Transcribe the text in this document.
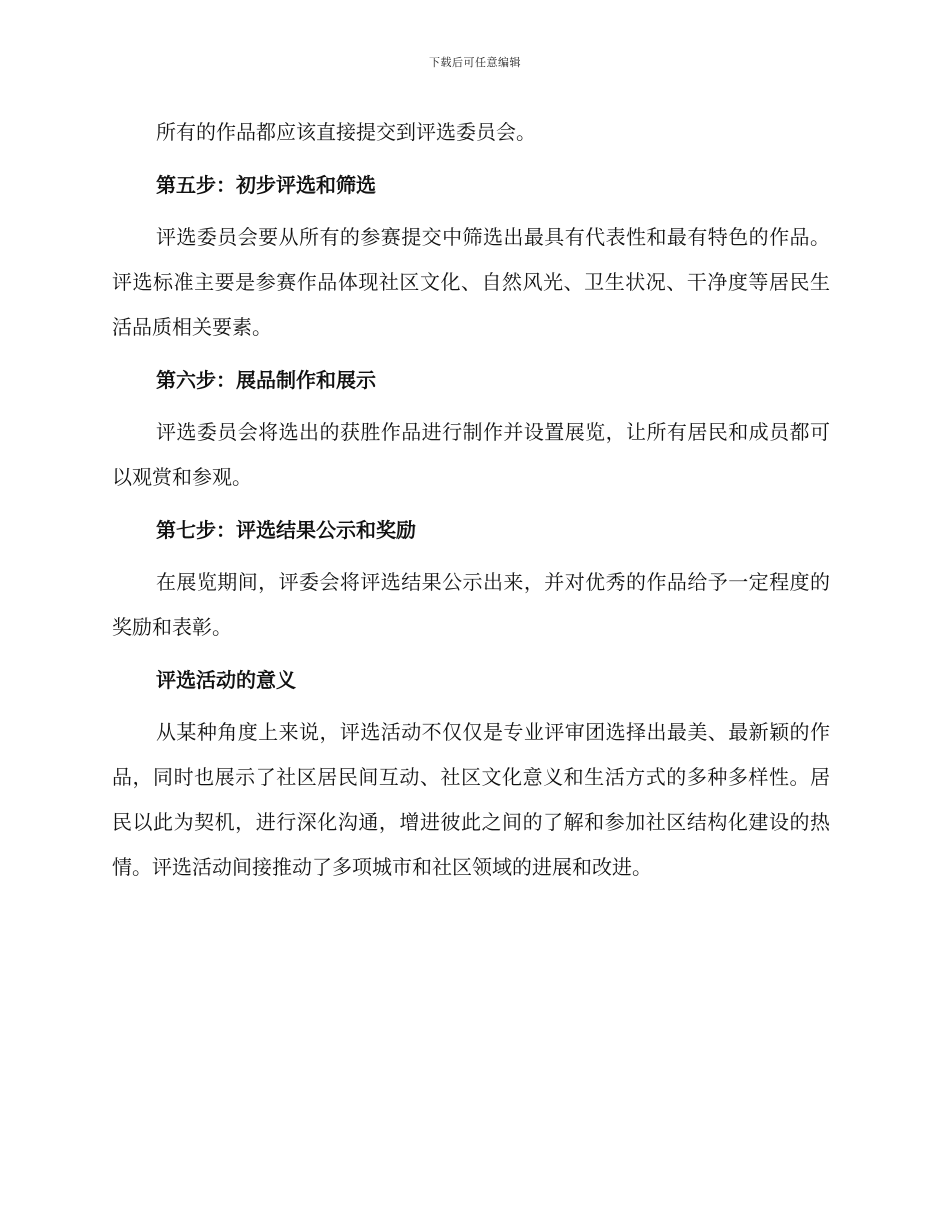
下载后可任意编辑

所有的作品都应该直接提交到评选委员会。

第五步：初步评选和筛选

评选委员会要从所有的参赛提交中筛选出最具有代表性和最有特色的作品。评选标准主要是参赛作品体现社区文化、自然风光、卫生状况、干净度等居民生活品质相关要素。

第六步：展品制作和展示

评选委员会将选出的获胜作品进行制作并设置展览，让所有居民和成员都可以观赏和参观。

第七步：评选结果公示和奖励

在展览期间，评委会将评选结果公示出来，并对优秀的作品给予一定程度的奖励和表彰。

评选活动的意义

从某种角度上来说，评选活动不仅仅是专业评审团选择出最美、最新颖的作品，同时也展示了社区居民间互动、社区文化意义和生活方式的多种多样性。居民以此为契机，进行深化沟通，增进彼此之间的了解和参加社区结构化建设的热情。评选活动间接推动了多项城市和社区领域的进展和改进。
